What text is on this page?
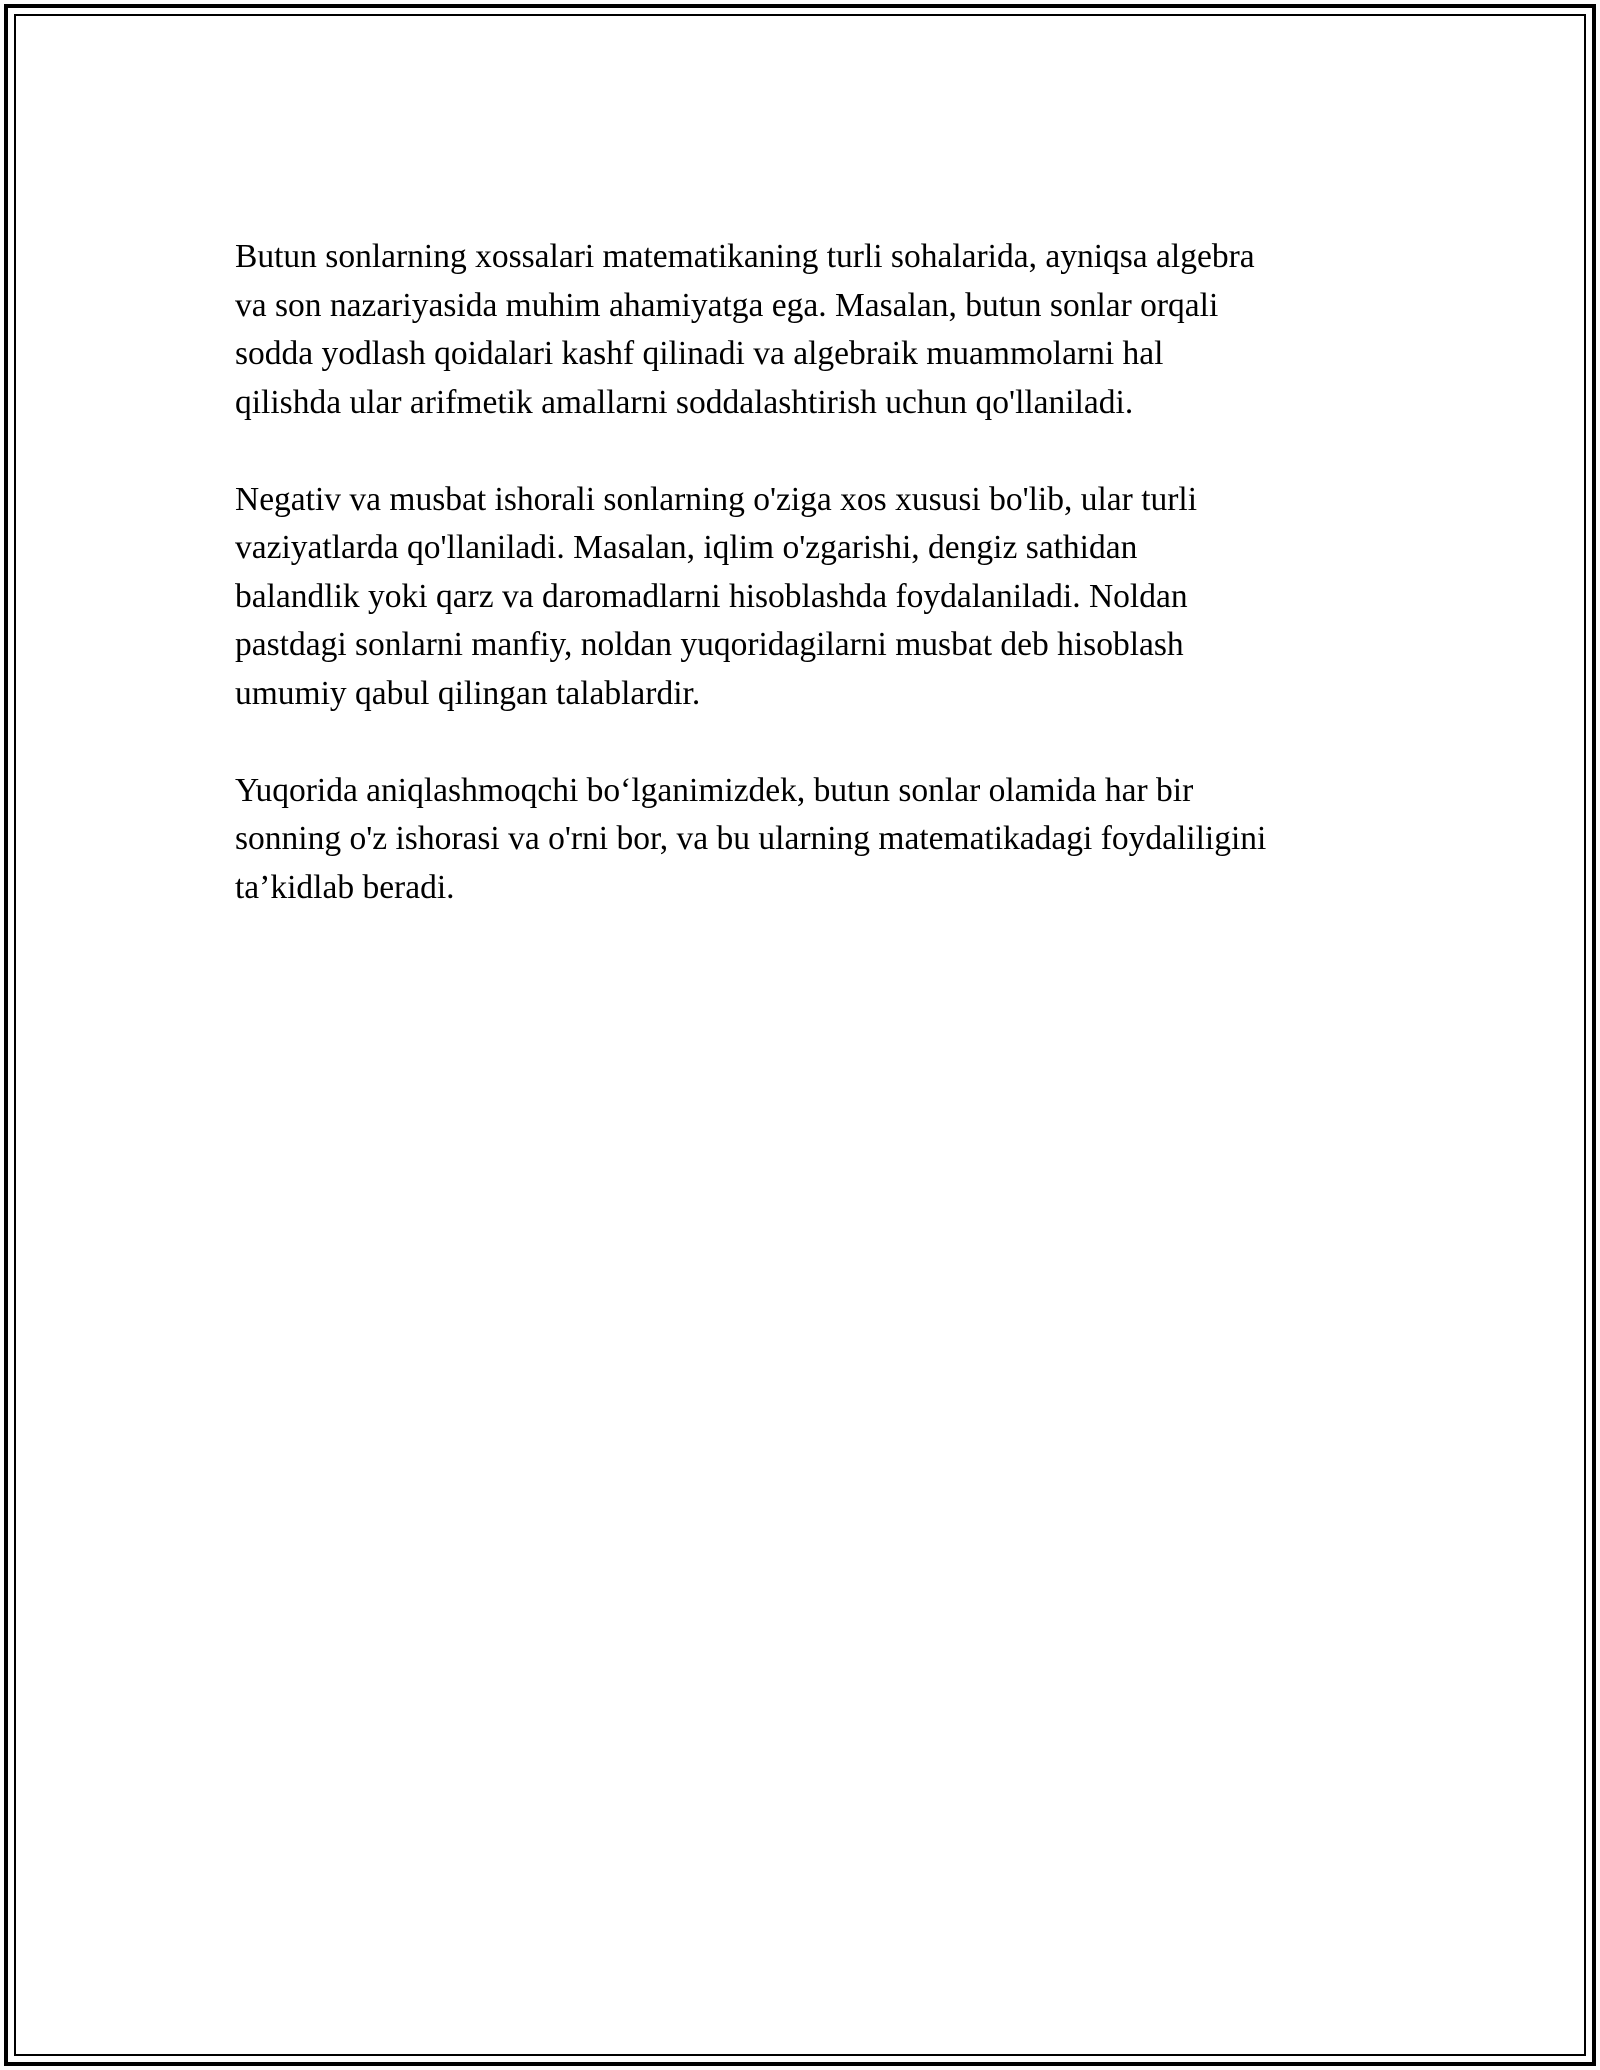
Butun sonlarning xossalari matematikaning turli sohalarida, ayniqsa algebra
va son nazariyasida muhim ahamiyatga ega. Masalan, butun sonlar orqali
sodda yodlash qoidalari kashf qilinadi va algebraik muammolarni hal
qilishda ular arifmetik amallarni soddalashtirish uchun qo'llaniladi.

Negativ va musbat ishorali sonlarning o'ziga xos xususi bo'lib, ular turli
vaziyatlarda qo'llaniladi. Masalan, iqlim o'zgarishi, dengiz sathidan
balandlik yoki qarz va daromadlarni hisoblashda foydalaniladi. Noldan
pastdagi sonlarni manfiy, noldan yuqoridagilarni musbat deb hisoblash
umumiy qabul qilingan talablardir.

Yuqorida aniqlashmoqchi bo‘lganimizdek, butun sonlar olamida har bir
sonning o'z ishorasi va o'rni bor, va bu ularning matematikadagi foydaliligini
ta’kidlab beradi.
